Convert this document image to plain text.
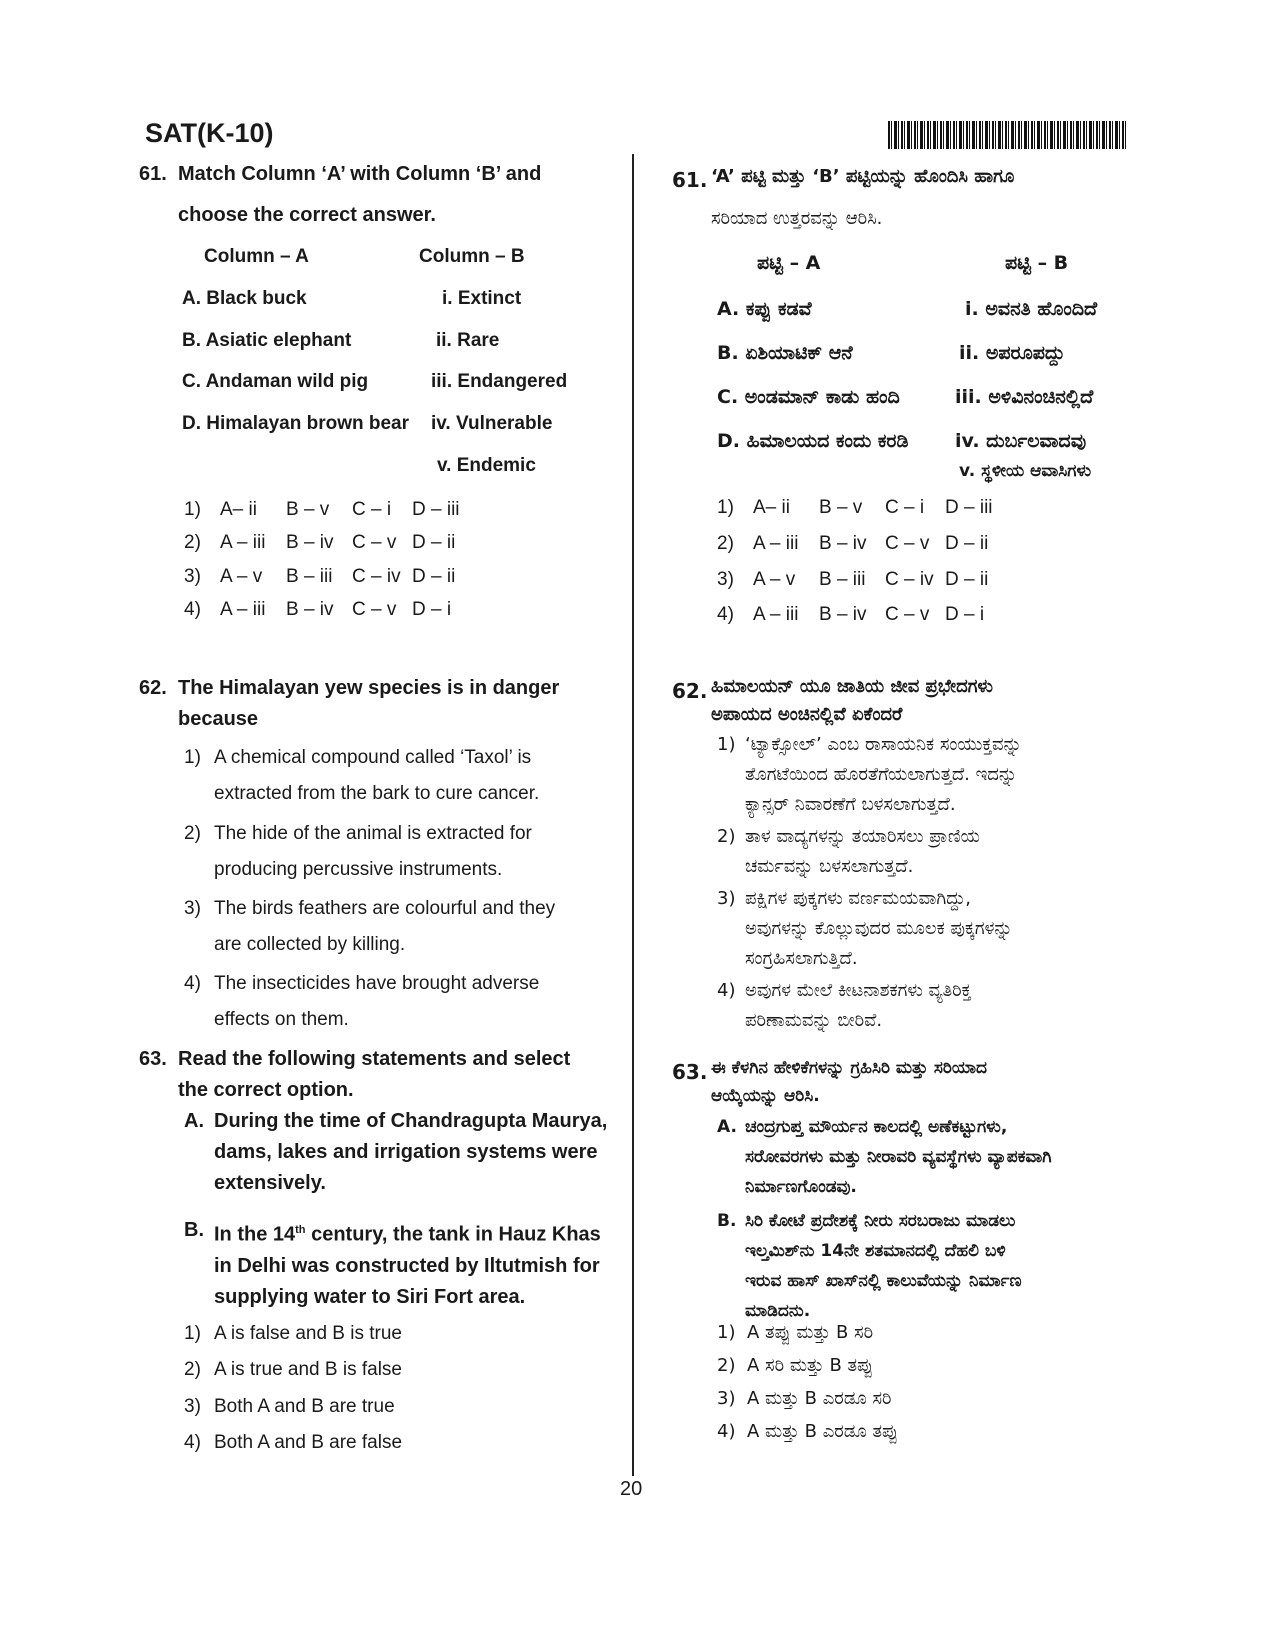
SAT(K-10)
61. Match Column ‘A’ with Column ‘B’ and
choose the correct answer.
Column – A	Column – B
A. Black buck	i. Extinct
B. Asiatic elephant	ii. Rare
C. Andaman wild pig	iii. Endangered
D. Himalayan brown bear iv. Vulnerable
v. Endemic
1) A– ii B – v C – i D – iii
2) A – iii B – iv C – v D – ii
3) A – v B – iii C – iv D – ii
4) A – iii B – iv C – v D – i
62. The Himalayan yew species is in danger
because
1) A chemical compound called ‘Taxol’ is
extracted from the bark to cure cancer.
2) The hide of the animal is extracted for
producing percussive instruments.
3) The birds feathers are colourful and they
are collected by killing.
4) The insecticides have brought adverse
effects on them.
63. Read the following statements and select
the correct option.
A. During the time of Chandragupta Maurya,
dams, lakes and irrigation systems were
extensively.
B. In the 14th century, the tank in Hauz Khas
in Delhi was constructed by Iltutmish for
supplying water to Siri Fort area.
1) A is false and B is true
2) A is true and B is false
3) Both A and B are true
4) Both A and B are false
61. ‘A’ ಪಟ್ಟಿ ಮತ್ತು ‘B’ ಪಟ್ಟಿಯನ್ನು ಹೊಂದಿಸಿ ಹಾಗೂ
ಸರಿಯಾದ ಉತ್ತರವನ್ನು ಆರಿಸಿ.
ಪಟ್ಟಿ – A	ಪಟ್ಟಿ – B
A. ಕಪ್ಪು ಕಡವೆ	i. ಅವನತಿ ಹೊಂದಿದೆ
B. ಏಶಿಯಾಟಿಕ್ ಆನೆ	ii. ಅಪರೂಪದ್ದು
C. ಅಂಡಮಾನ್ ಕಾಡು ಹಂದಿ	iii. ಅಳಿವಿನಂಚಿನಲ್ಲಿದೆ
D. ಹಿಮಾಲಯದ ಕಂದು ಕರಡಿ iv. ದುರ್ಬಲವಾದವು
v. ಸ್ಥಳೀಯ ಆವಾಸಿಗಳು
1) A– ii B – v C – i D – iii
2) A – iii B – iv C – v D – ii
3) A – v B – iii C – iv D – ii
4) A – iii B – iv C – v D – i
62. ಹಿಮಾಲಯನ್ ಯೂ ಜಾತಿಯ ಜೀವ ಪ್ರಭೇದಗಳು
ಅಪಾಯದ ಅಂಚಿನಲ್ಲಿವೆ ಏಕೆಂದರೆ
1) ‘ಟ್ಯಾಕ್ಸೋಲ್’ ಎಂಬ ರಾಸಾಯನಿಕ ಸಂಯುಕ್ತವನ್ನು
ತೊಗಟೆಯಿಂದ ಹೊರತೆಗೆಯಲಾಗುತ್ತದೆ. ಇದನ್ನು
ಕ್ಯಾನ್ಸರ್ ನಿವಾರಣೆಗೆ ಬಳಸಲಾಗುತ್ತದೆ.
2) ತಾಳ ವಾದ್ಯಗಳನ್ನು ತಯಾರಿಸಲು ಪ್ರಾಣಿಯ
ಚರ್ಮವನ್ನು ಬಳಸಲಾಗುತ್ತದೆ.
3) ಪಕ್ಷಿಗಳ ಪುಕ್ಕಗಳು ವರ್ಣಮಯವಾಗಿದ್ದು,
ಅವುಗಳನ್ನು ಕೊಲ್ಲುವುದರ ಮೂಲಕ ಪುಕ್ಕಗಳನ್ನು
ಸಂಗ್ರಹಿಸಲಾಗುತ್ತಿದೆ.
4) ಅವುಗಳ ಮೇಲೆ ಕೀಟನಾಶಕಗಳು ವ್ಯತಿರಿಕ್ತ
ಪರಿಣಾಮವನ್ನು ಬೀರಿವೆ.
63. ಈ ಕೆಳಗಿನ ಹೇಳಿಕೆಗಳನ್ನು ಗ್ರಹಿಸಿರಿ ಮತ್ತು ಸರಿಯಾದ
ಆಯ್ಕೆಯನ್ನು ಆರಿಸಿ.
A. ಚಂದ್ರಗುಪ್ತ ಮೌರ್ಯನ ಕಾಲದಲ್ಲಿ ಅಣೆಕಟ್ಟುಗಳು,
ಸರೋವರಗಳು ಮತ್ತು ನೀರಾವರಿ ವ್ಯವಸ್ಥೆಗಳು ವ್ಯಾಪಕವಾಗಿ
ನಿರ್ಮಾಣಗೊಂಡವು.
B. ಸಿರಿ ಕೋಟೆ ಪ್ರದೇಶಕ್ಕೆ ನೀರು ಸರಬರಾಜು ಮಾಡಲು
ಇಲ್ತಮಿಶ್‌ನು 14ನೇ ಶತಮಾನದಲ್ಲಿ ದೆಹಲಿ ಬಳಿ
ಇರುವ ಹಾಸ್ ಖಾಸ್‌ನಲ್ಲಿ ಕಾಲುವೆಯನ್ನು ನಿರ್ಮಾಣ
ಮಾಡಿದನು.
1) A ತಪ್ಪು ಮತ್ತು B ಸರಿ
2) A ಸರಿ ಮತ್ತು B ತಪ್ಪು
3) A ಮತ್ತು B ಎರಡೂ ಸರಿ
4) A ಮತ್ತು B ಎರಡೂ ತಪ್ಪು
20
